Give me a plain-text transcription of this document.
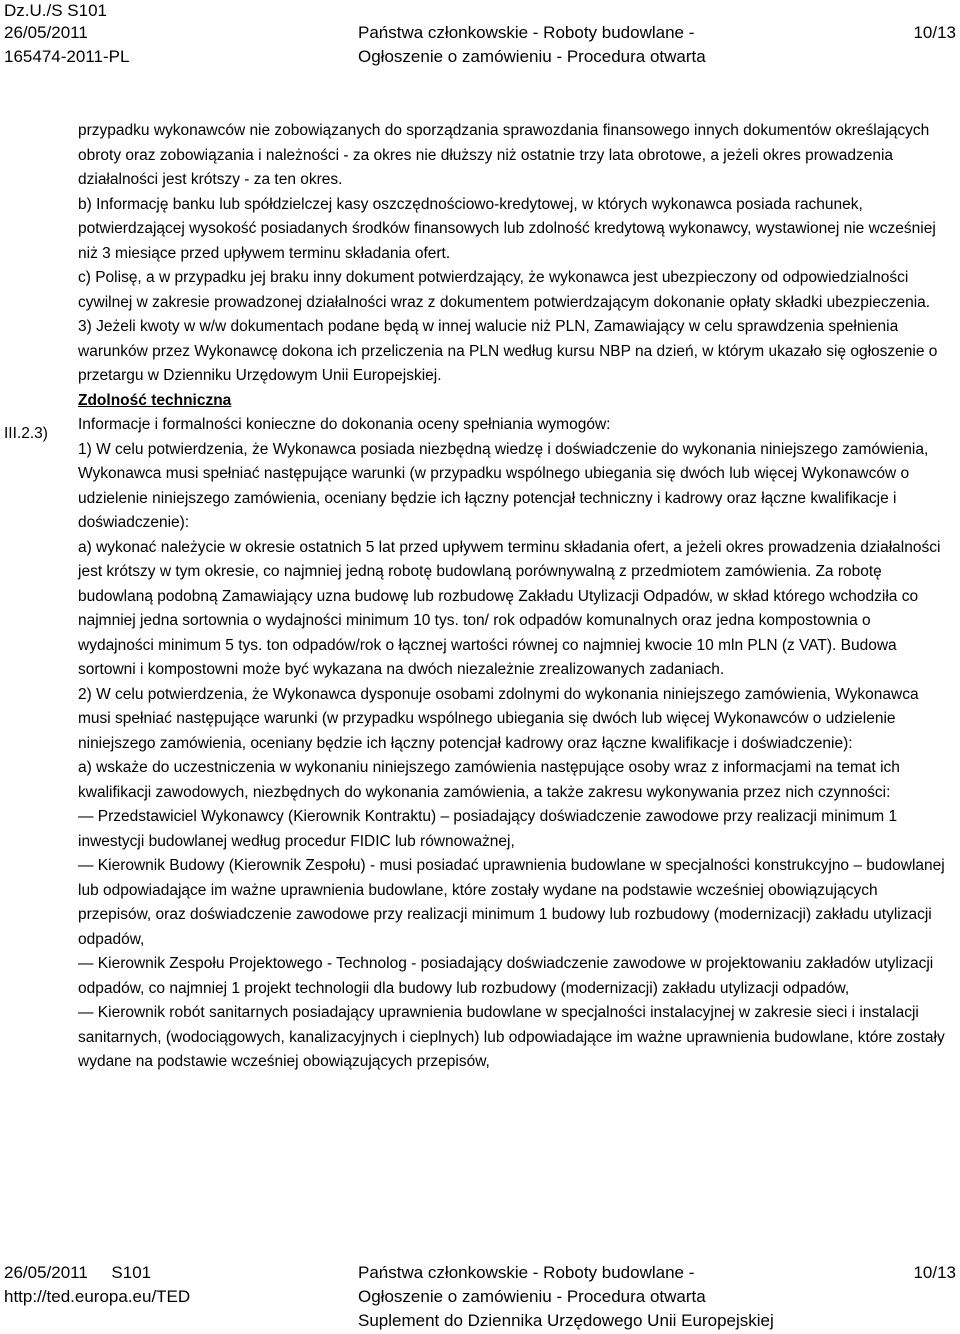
Dz.U./S S101
26/05/2011
165474-2011-PL
Państwa członkowskie - Roboty budowlane -
Ogłoszenie o zamówieniu - Procedura otwarta
10/13
III.2.3)

przypadku wykonawców nie zobowiązanych do sporządzania sprawozdania finansowego innych dokumentów określających obroty oraz zobowiązania i należności - za okres nie dłuższy niż ostatnie trzy lata obrotowe, a jeżeli okres prowadzenia działalności jest krótszy - za ten okres.

b) Informację banku lub spółdzielczej kasy oszczędnościowo-kredytowej, w których wykonawca posiada rachunek, potwierdzającej wysokość posiadanych środków finansowych lub zdolność kredytową wykonawcy, wystawionej nie wcześniej niż 3 miesiące przed upływem terminu składania ofert.

c) Polisę, a w przypadku jej braku inny dokument potwierdzający, że wykonawca jest ubezpieczony od odpowiedzialności cywilnej w zakresie prowadzonej działalności wraz z dokumentem potwierdzającym dokonanie opłaty składki ubezpieczenia.

3) Jeżeli kwoty w w/w dokumentach podane będą w innej walucie niż PLN, Zamawiający w celu sprawdzenia spełnienia warunków przez Wykonawcę dokona ich przeliczenia na PLN według kursu NBP na dzień, w którym ukazało się ogłoszenie o przetargu w Dzienniku Urzędowym Unii Europejskiej.

Zdolność techniczna

Informacje i formalności konieczne do dokonania oceny spełniania wymogów:

1) W celu potwierdzenia, że Wykonawca posiada niezbędną wiedzę i doświadczenie do wykonania niniejszego zamówienia, Wykonawca musi spełniać następujące warunki (w przypadku wspólnego ubiegania się dwóch lub więcej Wykonawców o udzielenie niniejszego zamówienia, oceniany będzie ich łączny potencjał techniczny i kadrowy oraz łączne kwalifikacje i doświadczenie):

a) wykonać należycie w okresie ostatnich 5 lat przed upływem terminu składania ofert, a jeżeli okres prowadzenia działalności jest krótszy w tym okresie, co najmniej jedną robotę budowlaną porównywalną z przedmiotem zamówienia. Za robotę budowlaną podobną Zamawiający uzna budowę lub rozbudowę Zakładu Utylizacji Odpadów, w skład którego wchodziła co najmniej jedna sortownia o wydajności minimum 10 tys. ton/ rok odpadów komunalnych oraz jedna kompostownia o wydajności minimum 5 tys. ton odpadów/rok o łącznej wartości równej co najmniej kwocie 10 mln PLN (z VAT). Budowa sortowni i kompostowni może być wykazana na dwóch niezależnie zrealizowanych zadaniach.

2) W celu potwierdzenia, że Wykonawca dysponuje osobami zdolnymi do wykonania niniejszego zamówienia, Wykonawca musi spełniać następujące warunki (w przypadku wspólnego ubiegania się dwóch lub więcej Wykonawców o udzielenie niniejszego zamówienia, oceniany będzie ich łączny potencjał kadrowy oraz łączne kwalifikacje i doświadczenie):

a) wskaże do uczestniczenia w wykonaniu niniejszego zamówienia następujące osoby wraz z informacjami na temat ich kwalifikacji zawodowych, niezbędnych do wykonania zamówienia, a także zakresu wykonywania przez nich czynności:

— Przedstawiciel Wykonawcy (Kierownik Kontraktu) – posiadający doświadczenie zawodowe przy realizacji minimum 1 inwestycji budowlanej według procedur FIDIC lub równoważnej,

— Kierownik Budowy (Kierownik Zespołu) - musi posiadać uprawnienia budowlane w specjalności konstrukcyjno – budowlanej lub odpowiadające im ważne uprawnienia budowlane, które zostały wydane na podstawie wcześniej obowiązujących przepisów, oraz doświadczenie zawodowe przy realizacji minimum 1 budowy lub rozbudowy (modernizacji) zakładu utylizacji odpadów,

— Kierownik Zespołu Projektowego - Technolog - posiadający doświadczenie zawodowe w projektowaniu zakładów utylizacji odpadów, co najmniej 1 projekt technologii dla budowy lub rozbudowy (modernizacji) zakładu utylizacji odpadów,

— Kierownik robót sanitarnych posiadający uprawnienia budowlane w specjalności instalacyjnej w zakresie sieci i instalacji sanitarnych, (wodociągowych, kanalizacyjnych i cieplnych) lub odpowiadające im ważne uprawnienia budowlane, które zostały wydane na podstawie wcześniej obowiązujących przepisów,

26/05/2011     S101
http://ted.europa.eu/TED
Państwa członkowskie - Roboty budowlane -
Ogłoszenie o zamówieniu - Procedura otwarta
Suplement do Dziennika Urzędowego Unii Europejskiej
10/13
